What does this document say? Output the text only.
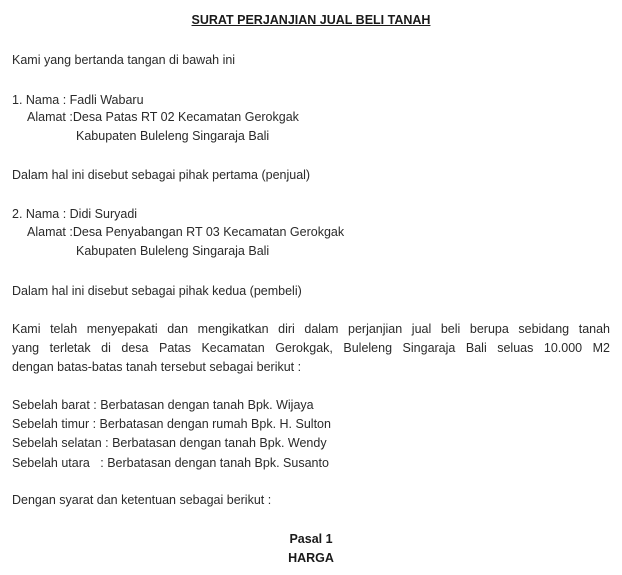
SURAT PERJANJIAN JUAL BELI TANAH
Kami yang bertanda tangan di bawah ini
1. Nama : Fadli Wabaru
Alamat :Desa Patas RT 02 Kecamatan Gerokgak
Kabupaten Buleleng Singaraja Bali
Dalam hal ini disebut sebagai pihak pertama (penjual)
2. Nama : Didi Suryadi
Alamat :Desa Penyabangan RT 03 Kecamatan Gerokgak
Kabupaten Buleleng Singaraja Bali
Dalam hal ini disebut sebagai pihak kedua (pembeli)
Kami telah menyepakati dan mengikatkan diri dalam perjanjian jual beli berupa sebidang tanah
yang terletak di desa Patas Kecamatan Gerokgak, Buleleng Singaraja Bali seluas 10.000 M2
dengan batas-batas tanah tersebut sebagai berikut :
Sebelah barat : Berbatasan dengan tanah Bpk. Wijaya
Sebelah timur : Berbatasan dengan rumah Bpk. H. Sulton
Sebelah selatan : Berbatasan dengan tanah Bpk. Wendy
Sebelah utara   : Berbatasan dengan tanah Bpk. Susanto
Dengan syarat dan ketentuan sebagai berikut :
Pasal 1
HARGA
